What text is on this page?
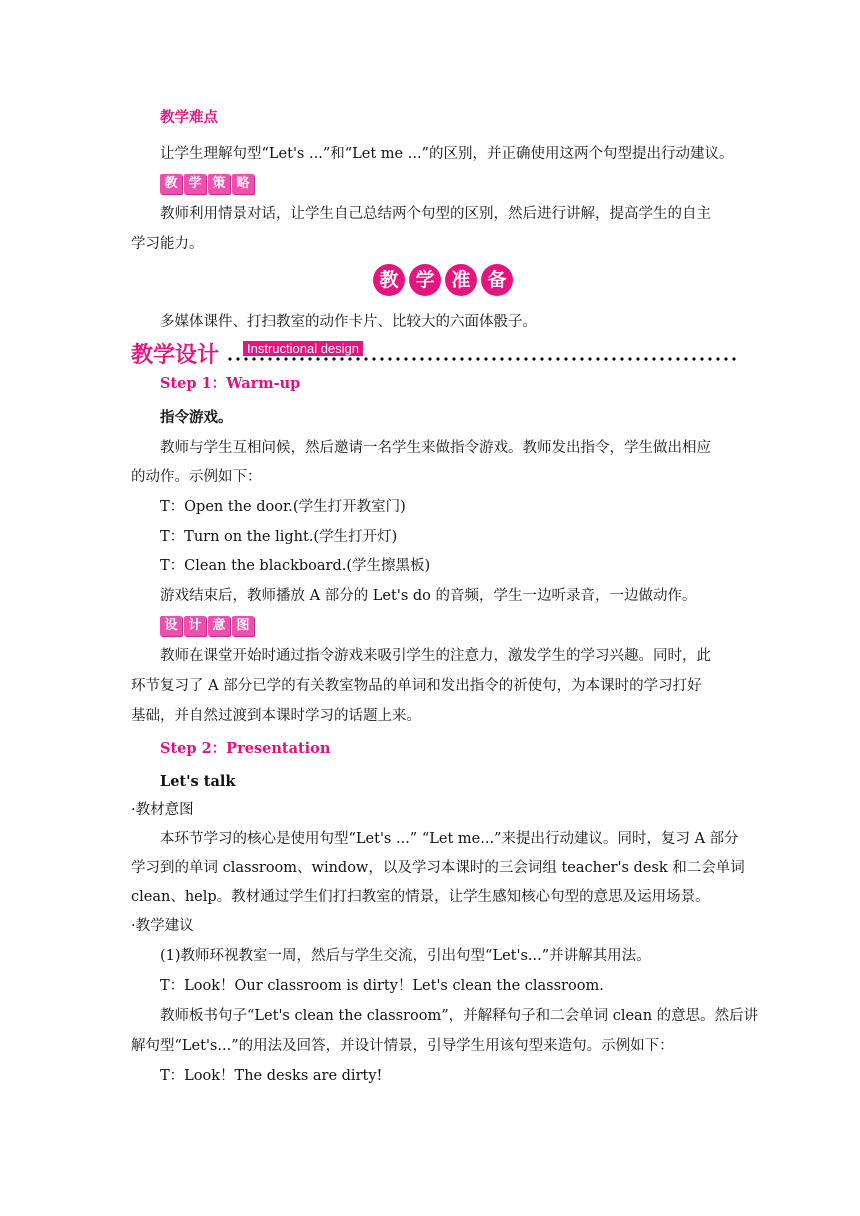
教学难点
让学生理解句型“Let's ...”和“Let me ...”的区别，并正确使用这两个句型提出行动建议。
教 学 策 略
教师利用情景对话，让学生自己总结两个句型的区别，然后进行讲解，提高学生的自主
学习能力。
教 学 准 备
多媒体课件、打扫教室的动作卡片、比较大的六面体骰子。
教学设计	Instructional design
Step 1：Warm-up
指令游戏。
教师与学生互相问候，然后邀请一名学生来做指令游戏。教师发出指令，学生做出相应
的动作。示例如下：
T：Open the door.(学生打开教室门)
T：Turn on the light.(学生打开灯)
T：Clean the blackboard.(学生擦黑板)
游戏结束后，教师播放 A 部分的 Let's do 的音频，学生一边听录音，一边做动作。
设 计 意 图
教师在课堂开始时通过指令游戏来吸引学生的注意力，激发学生的学习兴趣。同时，此
环节复习了 A 部分已学的有关教室物品的单词和发出指令的祈使句，为本课时的学习打好
基础，并自然过渡到本课时学习的话题上来。
Step 2：Presentation
Let's talk
·教材意图
本环节学习的核心是使用句型“Let's ...” “Let me...”来提出行动建议。同时，复习 A 部分
学习到的单词 classroom、window，以及学习本课时的三会词组 teacher's desk 和二会单词
clean、help。教材通过学生们打扫教室的情景，让学生感知核心句型的意思及运用场景。
·教学建议
(1)教师环视教室一周，然后与学生交流，引出句型“Let's...”并讲解其用法。
T：Look！Our classroom is dirty！Let's clean the classroom.
教师板书句子“Let's clean the classroom”，并解释句子和二会单词 clean 的意思。然后讲
解句型“Let's...”的用法及回答，并设计情景，引导学生用该句型来造句。示例如下：
T：Look！The desks are dirty!
